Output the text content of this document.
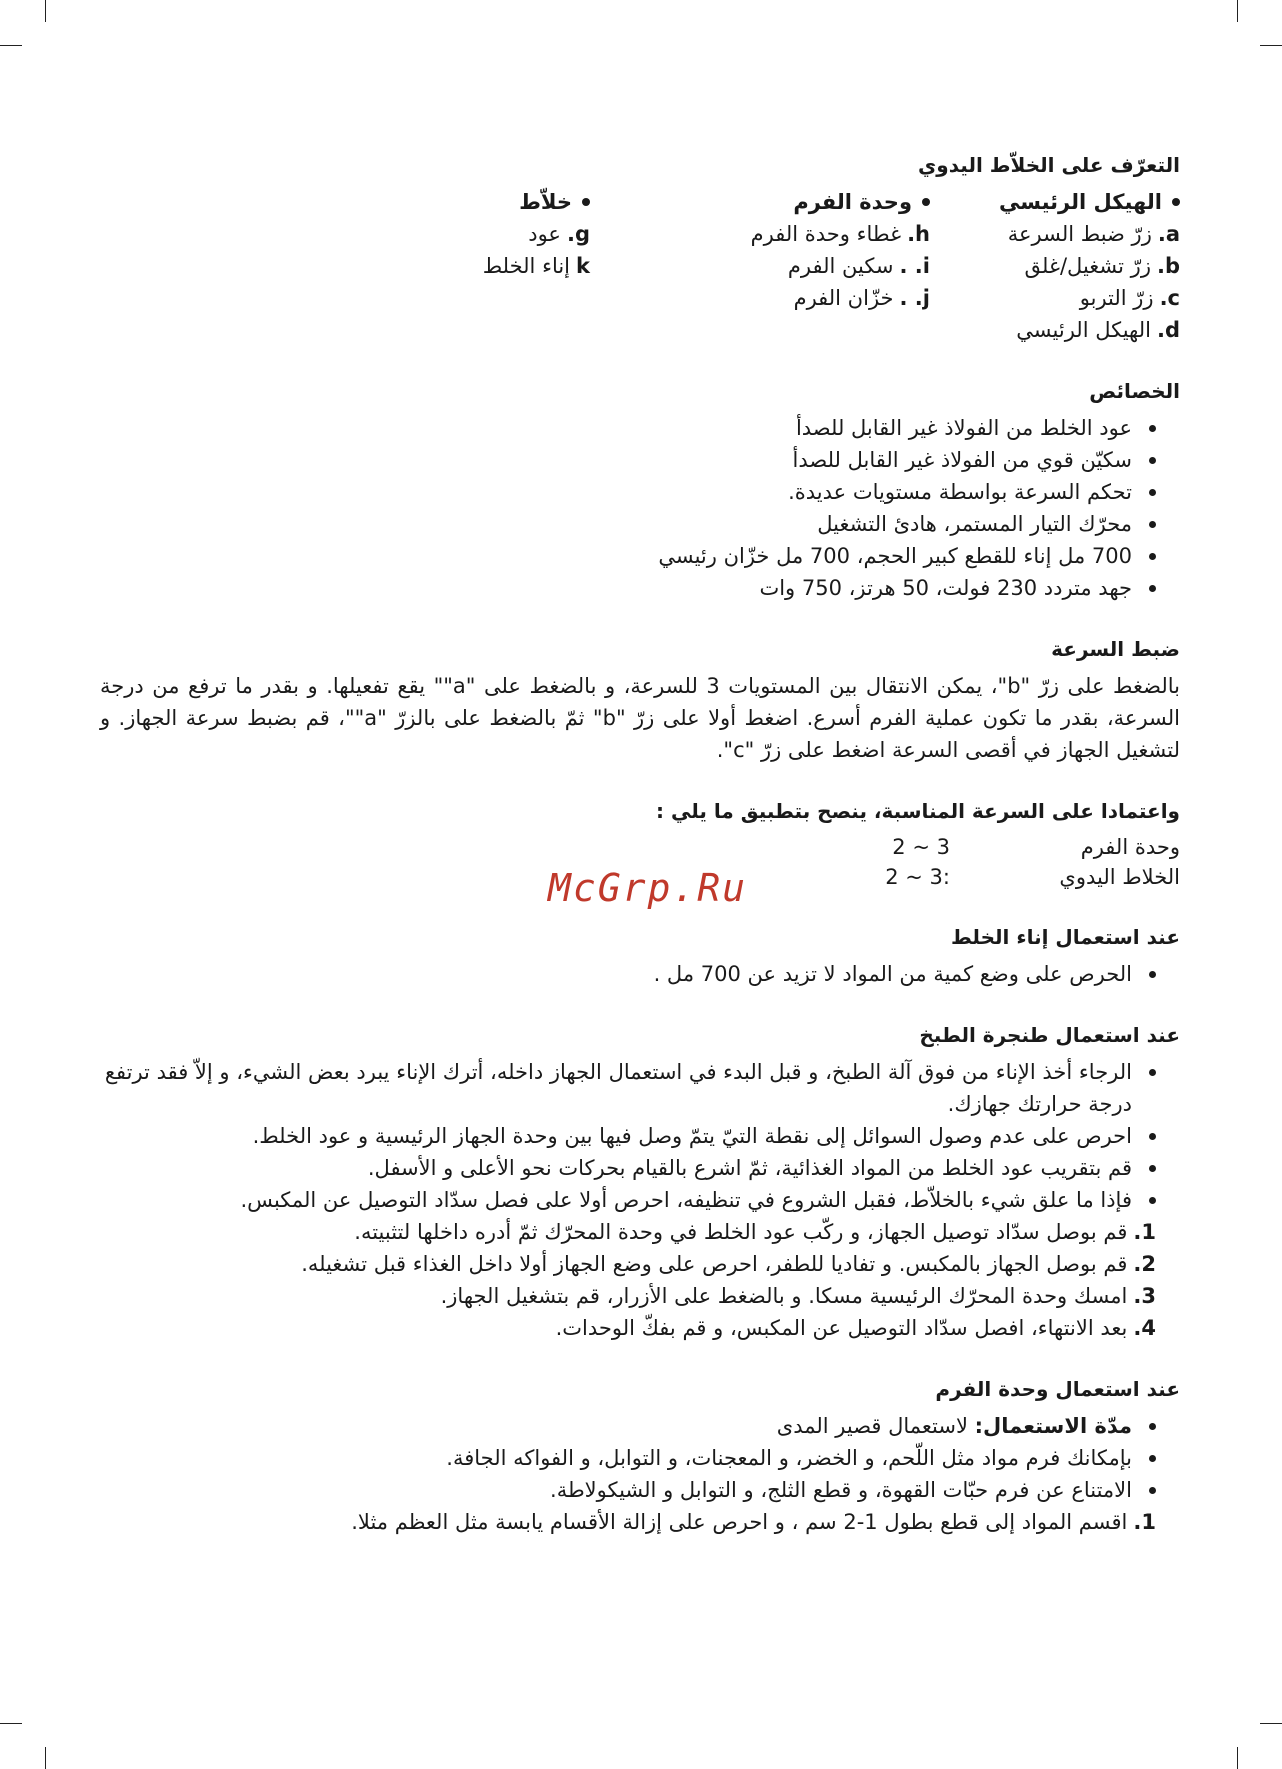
McGrp.Ru
التعرّف على الخلاّط اليدوي
الهيكل الرئيسي
a.
زرّ ضبط السرعة
b.
زرّ تشغيل/غلق
c.
زرّ التربو
d.
الهيكل الرئيسي
وحدة الفرم
h.
غطاء وحدة الفرم
i. .
سكين الفرم
j. .
خزّان الفرم
خلاّط
g.
عود
k
إناء الخلط
الخصائص
عود الخلط من الفولاذ غير القابل للصدأ
سكيّن قوي من الفولاذ غير القابل للصدأ
تحكم السرعة بواسطة مستويات عديدة.
محرّك التيار المستمر، هادئ التشغيل
700 مل إناء للقطع كبير الحجم، 700 مل خزّان رئيسي
جهد متردد 230 فولت، 50 هرتز، 750 وات
ضبط السرعة

بالضغط على زرّ "b"، يمكن الانتقال بين المستويات 3 للسرعة، و بالضغط على "a"" يقع تفعيلها. و بقدر ما ترفع من درجة السرعة، بقدر ما تكون عملية الفرم أسرع. اضغط أولا على زرّ "b" ثمّ بالضغط على بالزرّ "a""، قم بضبط سرعة الجهاز. و لتشغيل الجهاز في أقصى السرعة اضغط على زرّ "c".

واعتمادا على السرعة المناسبة، ينصح بتطبيق ما يلي :
وحدة الفرم
3 ~ 2
الخلاط اليدوي
:3 ~ 2
عند استعمال إناء الخلط
الحرص على وضع كمية من المواد لا تزيد عن 700 مل .
عند استعمال طنجرة الطبخ
الرجاء أخذ الإناء من فوق آلة الطبخ، و قبل البدء في استعمال الجهاز داخله، أترك الإناء يبرد بعض الشيء، و إلاّ فقد ترتفع درجة حرارتك جهازك.
احرص على عدم وصول السوائل إلى نقطة التيّ يتمّ وصل فيها بين وحدة الجهاز الرئيسية و عود الخلط.
قم بتقريب عود الخلط من المواد الغذائية، ثمّ اشرع بالقيام بحركات نحو الأعلى و الأسفل.
فإذا ما علق شيء بالخلاّط، فقبل الشروع في تنظيفه، احرص أولا على فصل سدّاد التوصيل عن المكبس.
1.
قم بوصل سدّاد توصيل الجهاز، و ركّب عود الخلط في وحدة المحرّك ثمّ أدره داخلها لتثبيته.
2.
قم بوصل الجهاز بالمكبس. و تفاديا للطفر، احرص على وضع الجهاز أولا داخل الغذاء قبل تشغيله.
3.
امسك وحدة المحرّك الرئيسية مسكا. و بالضغط على الأزرار، قم بتشغيل الجهاز.
4.
بعد الانتهاء، افصل سدّاد التوصيل عن المكبس، و قم بفكّ الوحدات.
عند استعمال وحدة الفرم
مدّة الاستعمال: لاستعمال قصير المدى
بإمكانك فرم مواد مثل اللّحم، و الخضر، و المعجنات، و التوابل، و الفواكه الجافة.
الامتناع عن فرم حبّات القهوة، و قطع الثلج، و التوابل و الشيكولاطة.
1.
اقسم المواد إلى قطع بطول 1-2 سم ، و احرص على إزالة الأقسام يابسة مثل العظم مثلا.
